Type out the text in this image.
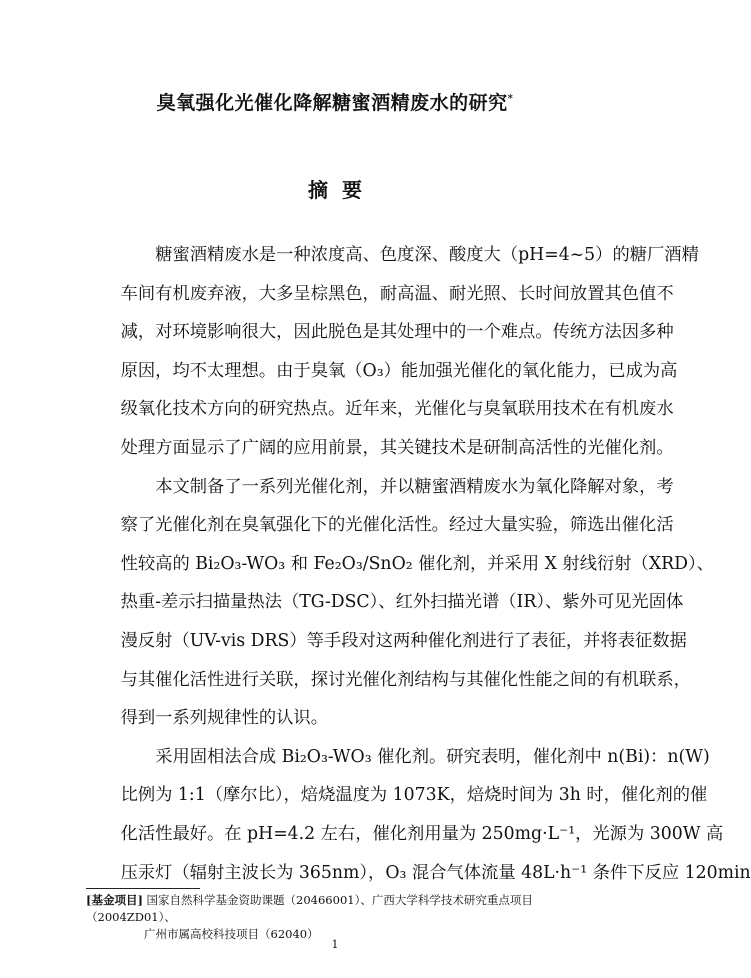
臭氧强化光催化降解糖蜜酒精废水的研究*
摘要

糖蜜酒精废水是一种浓度高、色度深、酸度大（pH=4~5）的糖厂酒精
车间有机废弃液，大多呈棕黑色，耐高温、耐光照、长时间放置其色值不
减，对环境影响很大，因此脱色是其处理中的一个难点。传统方法因多种
原因，均不太理想。由于臭氧（O₃）能加强光催化的氧化能力，已成为高
级氧化技术方向的研究热点。近年来，光催化与臭氧联用技术在有机废水
处理方面显示了广阔的应用前景，其关键技术是研制高活性的光催化剂。

本文制备了一系列光催化剂，并以糖蜜酒精废水为氧化降解对象，考
察了光催化剂在臭氧强化下的光催化活性。经过大量实验，筛选出催化活
性较高的 Bi₂O₃-WO₃ 和 Fe₂O₃/SnO₂ 催化剂，并采用 X 射线衍射（XRD）、
热重-差示扫描量热法（TG-DSC）、红外扫描光谱（IR）、紫外可见光固体
漫反射（UV-vis DRS）等手段对这两种催化剂进行了表征，并将表征数据
与其催化活性进行关联，探讨光催化剂结构与其催化性能之间的有机联系，
得到一系列规律性的认识。

采用固相法合成 Bi₂O₃-WO₃ 催化剂。研究表明，催化剂中 n(Bi)：n(W)
比例为 1:1（摩尔比），焙烧温度为 1073K，焙烧时间为 3h 时，催化剂的催
化活性最好。在 pH=4.2 左右，催化剂用量为 250mg·L⁻¹，光源为 300W 高
压汞灯（辐射主波长为 365nm），O₃ 混合气体流量 48L·h⁻¹ 条件下反应 120min

[基金项目] 国家自然科学基金资助课题（20466001）、广西大学科学技术研究重点项目（2004ZD01）、
广州市属高校科技项目（62040）
1
